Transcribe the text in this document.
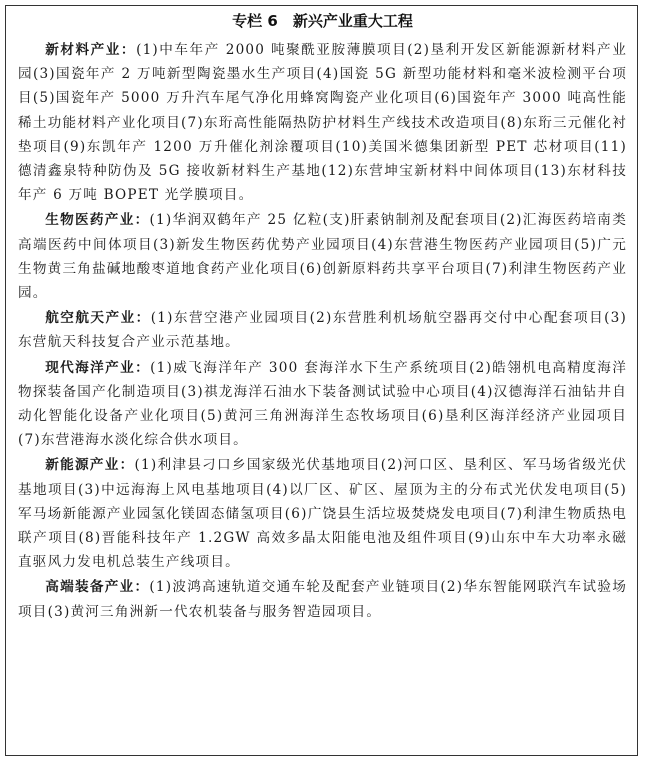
专栏 6　新兴产业重大工程

新材料产业：(1)中车年产 2000 吨聚酰亚胺薄膜项目(2)垦利开发区新能源新材料产业园(3)国瓷年产 2 万吨新型陶瓷墨水生产项目(4)国瓷 5G 新型功能材料和毫米波检测平台项目(5)国瓷年产 5000 万升汽车尾气净化用蜂窝陶瓷产业化项目(6)国瓷年产 3000 吨高性能稀土功能材料产业化项目(7)东珩高性能隔热防护材料生产线技术改造项目(8)东珩三元催化衬垫项目(9)东凯年产 1200 万升催化剂涂覆项目(10)美国米德集团新型 PET 芯材项目(11)德清鑫泉特种防伪及 5G 接收新材料生产基地(12)东营坤宝新材料中间体项目(13)东材科技年产 6 万吨 BOPET 光学膜项目。

生物医药产业：(1)华润双鹤年产 25 亿粒(支)肝素钠制剂及配套项目(2)汇海医药培南类高端医药中间体项目(3)新发生物医药优势产业园项目(4)东营港生物医药产业园项目(5)广元生物黄三角盐碱地酸枣道地食药产业化项目(6)创新原料药共享平台项目(7)利津生物医药产业园。

航空航天产业：(1)东营空港产业园项目(2)东营胜利机场航空器再交付中心配套项目(3)东营航天科技复合产业示范基地。

现代海洋产业：(1)威飞海洋年产 300 套海洋水下生产系统项目(2)皓翎机电高精度海洋物探装备国产化制造项目(3)祺龙海洋石油水下装备测试试验中心项目(4)汉德海洋石油钻井自动化智能化设备产业化项目(5)黄河三角洲海洋生态牧场项目(6)垦利区海洋经济产业园项目(7)东营港海水淡化综合供水项目。

新能源产业：(1)利津县刁口乡国家级光伏基地项目(2)河口区、垦利区、军马场省级光伏基地项目(3)中远海海上风电基地项目(4)以厂区、矿区、屋顶为主的分布式光伏发电项目(5)军马场新能源产业园氢化镁固态储氢项目(6)广饶县生活垃圾焚烧发电项目(7)利津生物质热电联产项目(8)晋能科技年产 1.2GW 高效多晶太阳能电池及组件项目(9)山东中车大功率永磁直驱风力发电机总装生产线项目。

高端装备产业：(1)波鸿高速轨道交通车轮及配套产业链项目(2)华东智能网联汽车试验场项目(3)黄河三角洲新一代农机装备与服务智造园项目。
